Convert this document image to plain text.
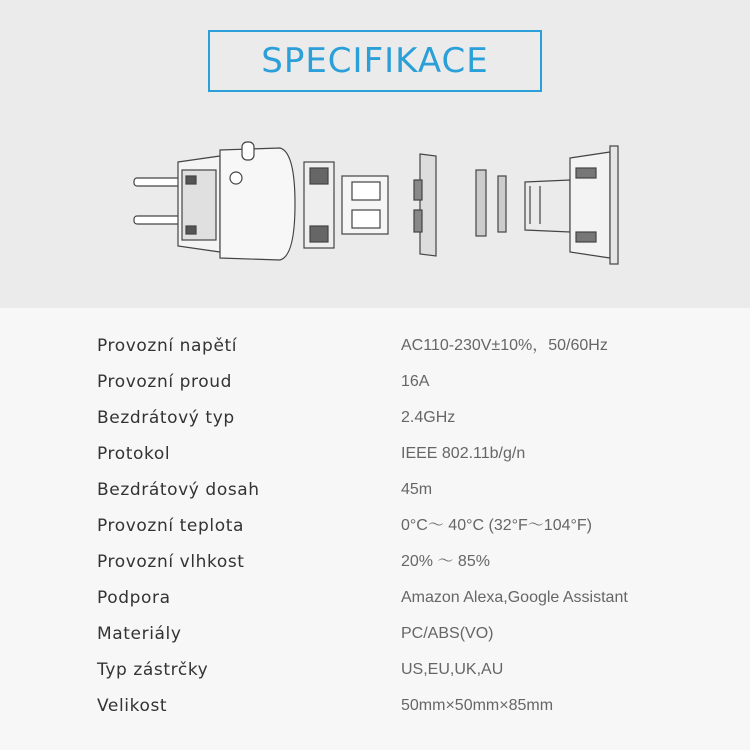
SPECIFIKACE
Provozní napětí	AC110-230V±10%，50/60Hz
Provozní proud	16A
Bezdrátový typ	2.4GHz
Protokol	IEEE 802.11b/g/n
Bezdrátový dosah	45m
Provozní teplota	0°C～ 40°C (32°F～104°F)
Provozní vlhkost	20% ～ 85%
Podpora	Amazon Alexa,Google Assistant
Materiály	PC/ABS(VO)
Typ zástrčky	US,EU,UK,AU
Velikost	50mm×50mm×85mm
